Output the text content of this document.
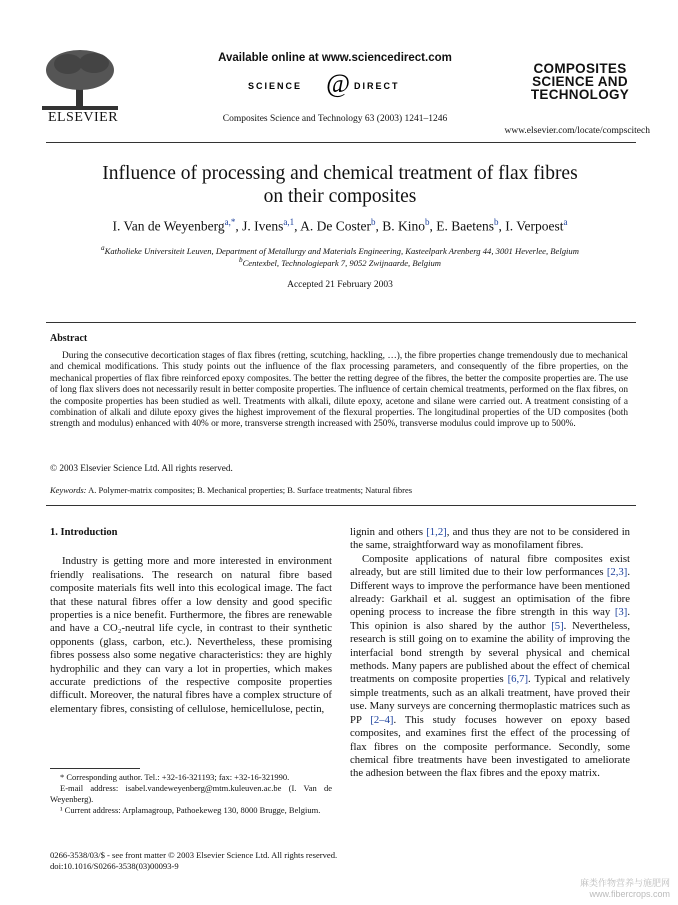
ELSEVIER
Available online at www.sciencedirect.com
SCIENCE @ DIRECT
Composites Science and Technology 63 (2003) 1241–1246
COMPOSITES
SCIENCE AND
TECHNOLOGY
www.elsevier.com/locate/compscitech
Influence of processing and chemical treatment of flax fibres
on their composites
I. Van de Weyenberg$^{a,*}$, J. Ivens$^{a,1}$, A. De Coster$^b$, B. Kino$^b$, E. Baetens$^b$, I. Verpoest$^a$
$^a$Katholieke Universiteit Leuven, Department of Metallurgy and Materials Engineering, Kasteelpark Arenberg 44, 3001 Heverlee, Belgium
$^b$Centexbel, Technologiepark 7, 9052 Zwijnaarde, Belgium
Accepted 21 February 2003
Abstract
During the consecutive decortication stages of flax fibres (retting, scutching, hackling, …), the fibre properties change tremendously due to mechanical and chemical modifications. This study points out the influence of the flax processing parameters, and consequently of the fibre properties, on the mechanical properties of flax fibre reinforced epoxy composites. The better the retting degree of the fibres, the better the composite properties are. The use of long flax slivers does not necessarily result in better composite properties. The influence of certain chemical treatments, performed on the flax fibres, on the composite properties has been studied as well. Treatments with alkali, dilute epoxy, acetone and silane were carried out. A treatment consisting of a combination of alkali and dilute epoxy gives the highest improvement of the flexural properties. The longitudinal properties of the UD composites (both strength and modulus) enhanced with 40% or more, transverse strength increased with 250%, transverse modulus could improve up to 500%.
© 2003 Elsevier Science Ltd. All rights reserved.
Keywords: A. Polymer-matrix composites; B. Mechanical properties; B. Surface treatments; Natural fibres

1. Introduction

Industry is getting more and more interested in environment friendly realisations. The research on natural fibre based composite materials fits well into this ecological image. The fact that these natural fibres offer a low density and good specific properties is a nice benefit. Furthermore, the fibres are renewable and have a CO₂-neutral life cycle, in contrast to their synthetic opponents (glass, carbon, etc.). Nevertheless, these promising fibres possess also some negative characteristics: they are highly hydrophilic and they can vary a lot in properties, which makes accurate predictions of the respective composite properties difficult. Moreover, the natural fibres have a complex structure of elementary fibres, consisting of cellulose, hemicellulose, pectin,

lignin and others [1,2], and thus they are not to be considered in the same, straightforward way as monofilament fibres.

Composite applications of natural fibre composites exist already, but are still limited due to their low performances [2,3]. Different ways to improve the performance have been mentioned already: Garkhail et al. suggest an optimisation of the fibre opening process to increase the fibre strength in this way [3]. This opinion is also shared by the author [5]. Nevertheless, research is still going on to examine the ability of improving the interfacial bond strength by several physical and chemical methods. Many papers are published about the effect of chemical treatments on composite properties [6,7]. Typical and relatively simple treatments, such as an alkali treatment, have proved their use. Many surveys are concerning thermoplastic matrices such as PP [2–4]. This study focuses however on epoxy based composites, and examines first the effect of the processing of flax fibres on the composite performance. Secondly, some chemical fibre treatments have been investigated to ameliorate the adhesion between the flax fibres and the epoxy matrix.

* Corresponding author. Tel.: +32-16-321193; fax: +32-16-321990.

E-mail address: isabel.vandeweyenberg@mtm.kuleuven.ac.be (I. Van de Weyenberg).

¹ Current address: Arplamagroup, Pathoekeweg 130, 8000 Brugge, Belgium.

0266-3538/03/$ - see front matter © 2003 Elsevier Science Ltd. All rights reserved.
doi:10.1016/S0266-3538(03)00093-9
麻类作物营养与施肥网 www.fibercrops.com
